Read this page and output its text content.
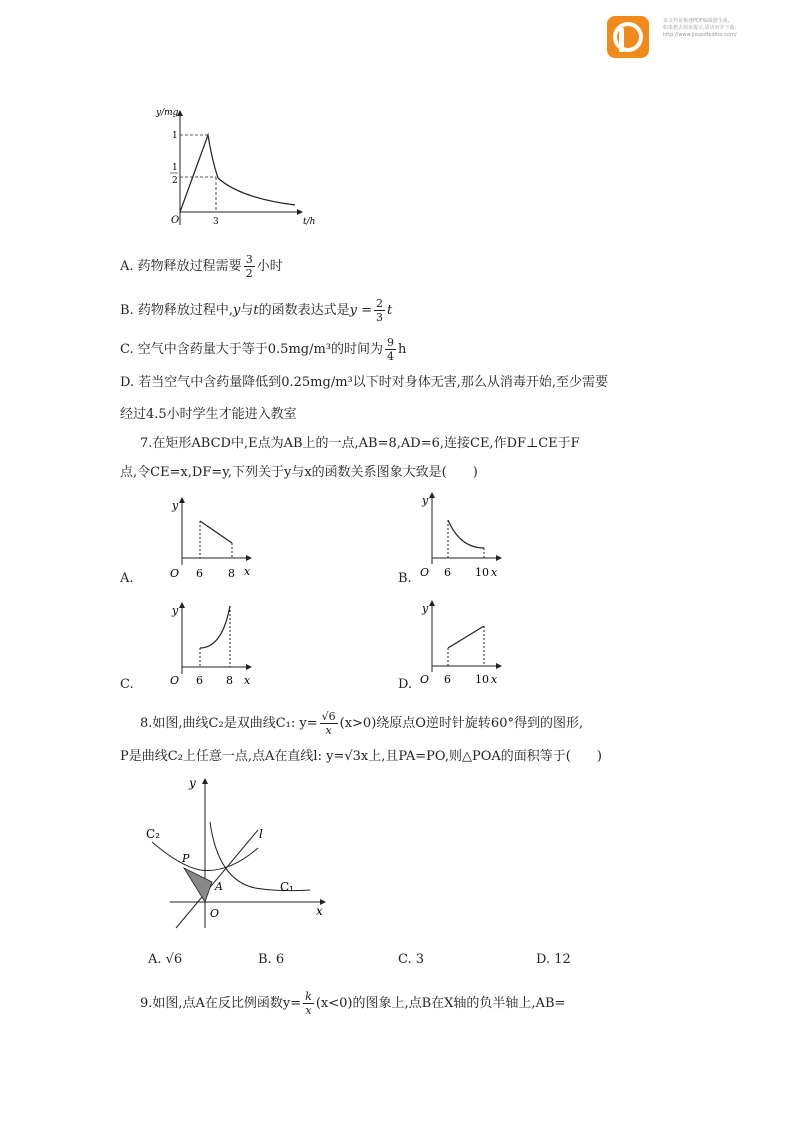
该文档是极速PDF编辑器生成,
如果想去掉该提示,请访问并下载:
http://www.jisupdfeditor.com/
y/mg
t/h
1
1
2
3
O
A. 药物释放过程需要 $\frac{3}{2}$ 小时
B. 药物释放过程中,y与t的函数表达式是$y = \frac{2}{3}$ t
C. 空气中含药量大于等于0.5mg/m³的时间为 $\frac{9}{4}$ h
D. 若当空气中含药量降低到0.25mg/m³以下时对身体无害,那么从消毒开始,至少需要
经过4.5小时学生才能进入教室
7.在矩形ABCD中,E点为AB上的一点,AB=8,AD=6,连接CE,作DF⊥CE于F
点,令CE=x,DF=y,下列关于y与x的函数关系图象大致是(　　)
A.
y
x
O 6 8	B.
y
x
O 6 10
C.
y
x
O 6 8	D.
y
x
O 6 10
8.如图,曲线C₂是双曲线C₁: $y= \frac{√6}{x} (x>0)$绕原点O逆时针旋转60°得到的图形,
P是曲线C₂上任意一点,点A在直线l: y=√3x上,且PA=PO,则△POA的面积等于(　　)
y
x
O
l
C₁
C₂
P
A
A. √6	B. 6	C. 3	D. 12
9.如图,点A在反比例函数$y= \frac{k}{x} (x<0)$的图象上,点B在X轴的负半轴上,AB=
